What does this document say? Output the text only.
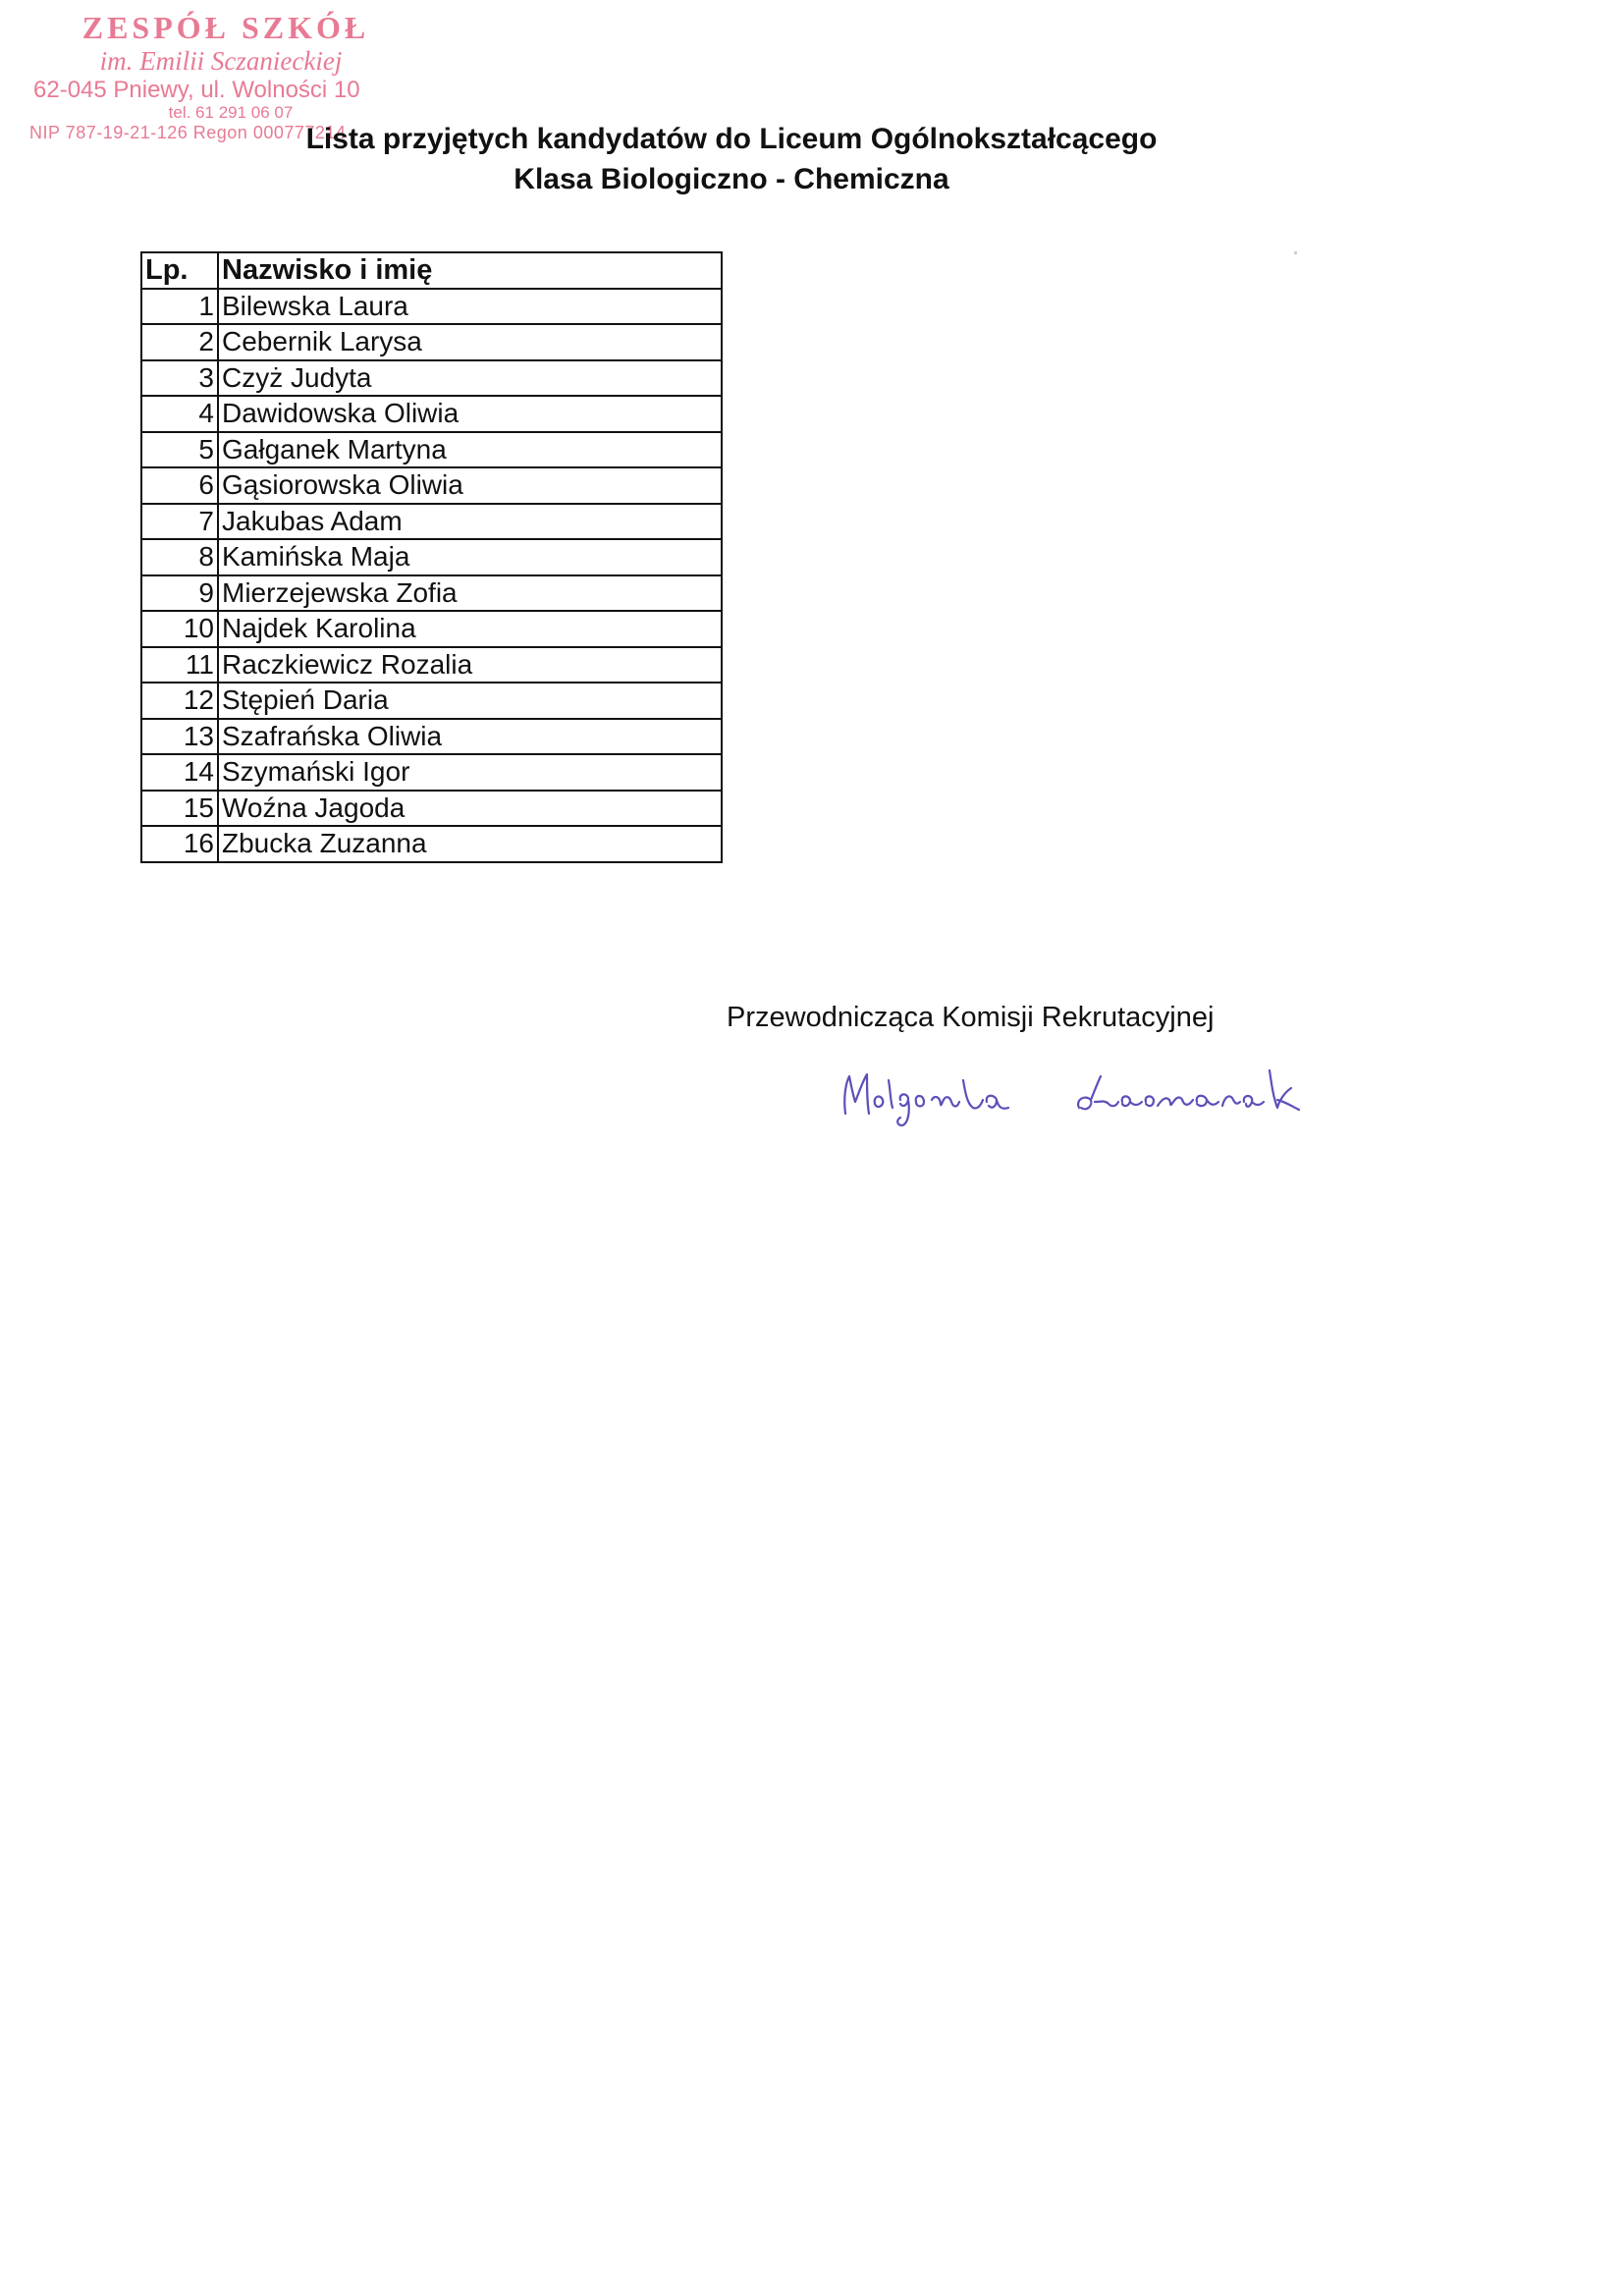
ZESPÓŁ SZKÓŁ
im. Emilii Sczanieckiej
62-045 Pniewy, ul. Wolności 10
tel. 61 291 06 07
NIP 787-19-21-126 Regon 000777214
Lista przyjętych kandydatów do Liceum Ogólnokształcącego
Klasa Biologiczno - Chemiczna
Lp.	Nazwisko i imię
1	Bilewska Laura
2	Cebernik Larysa
3	Czyż Judyta
4	Dawidowska Oliwia
5	Gałganek Martyna
6	Gąsiorowska Oliwia
7	Jakubas Adam
8	Kamińska Maja
9	Mierzejewska Zofia
10	Najdek Karolina
11	Raczkiewicz Rozalia
12	Stępień Daria
13	Szafrańska Oliwia
14	Szymański Igor
15	Woźna Jagoda
16	Zbucka Zuzanna
Przewodnicząca Komisji Rekrutacyjnej
